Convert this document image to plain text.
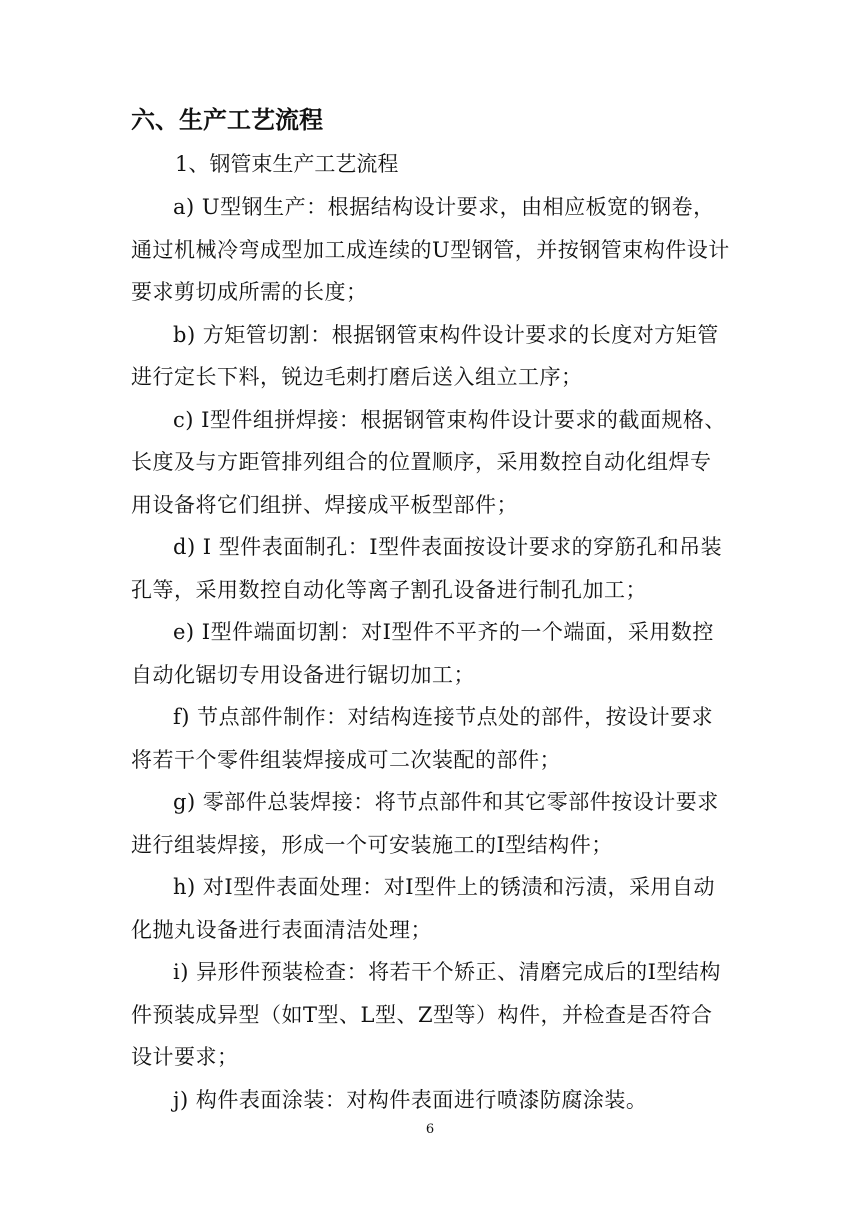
六、生产工艺流程
1、钢管束生产工艺流程

a) U型钢生产：根据结构设计要求，由相应板宽的钢卷，通过机械冷弯成型加工成连续的U型钢管，并按钢管束构件设计要求剪切成所需的长度；

b) 方矩管切割：根据钢管束构件设计要求的长度对方矩管进行定长下料，锐边毛刺打磨后送入组立工序；

c) I型件组拼焊接：根据钢管束构件设计要求的截面规格、长度及与方距管排列组合的位置顺序，采用数控自动化组焊专用设备将它们组拼、焊接成平板型部件；

d) I 型件表面制孔：I型件表面按设计要求的穿筋孔和吊装孔等，采用数控自动化等离子割孔设备进行制孔加工；

e) I型件端面切割：对I型件不平齐的一个端面，采用数控自动化锯切专用设备进行锯切加工；

f) 节点部件制作：对结构连接节点处的部件，按设计要求将若干个零件组装焊接成可二次装配的部件；

g) 零部件总装焊接：将节点部件和其它零部件按设计要求进行组装焊接，形成一个可安装施工的I型结构件；

h) 对I型件表面处理：对I型件上的锈渍和污渍，采用自动化抛丸设备进行表面清洁处理；

i) 异形件预装检查：将若干个矫正、清磨完成后的I型结构件预装成异型（如T型、L型、Z型等）构件，并检查是否符合设计要求；

j) 构件表面涂装：对构件表面进行喷漆防腐涂装。

6
